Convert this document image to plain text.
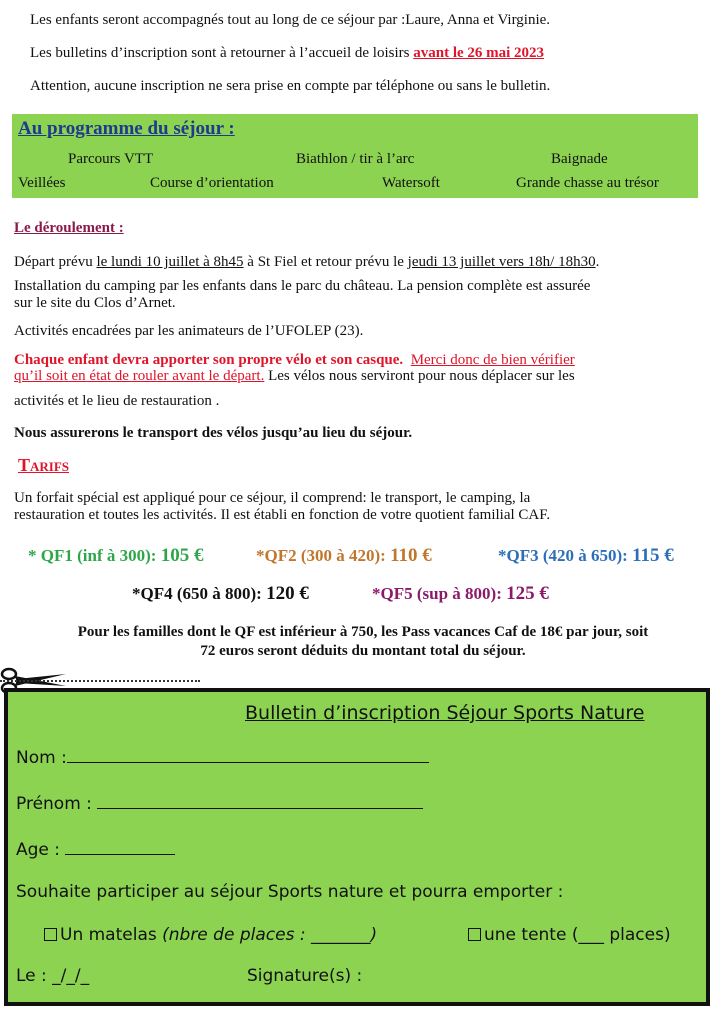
Les enfants seront accompagnés tout au long de ce séjour par :Laure, Anna et Virginie.
Les bulletins d’inscription sont à retourner à l’accueil de loisirs avant le 26 mai 2023
Attention, aucune inscription ne sera prise en compte par téléphone ou sans le bulletin.
Au programme du séjour :
Parcours VTT	Biathlon / tir à l’arc	Baignade
Veillées	Course d’orientation	Watersoft	Grande chasse au trésor
Le déroulement :
Départ prévu le lundi 10 juillet à 8h45 à St Fiel et retour prévu le jeudi 13 juillet vers 18h/ 18h30.
Installation du camping par les enfants dans le parc du château. La pension complète est assurée
sur le site du Clos d’Arnet.
Activités encadrées par les animateurs de l’UFOLEP (23).
Chaque enfant devra apporter son propre vélo et son casque. Merci donc de bien vérifier
qu’il soit en état de rouler avant le départ. Les vélos nous serviront pour nous déplacer sur les
activités et le lieu de restauration .
Nous assurerons le transport des vélos jusqu’au lieu du séjour.
Tarifs
Un forfait spécial est appliqué pour ce séjour, il comprend: le transport, le camping, la
restauration et toutes les activités. Il est établi en fonction de votre quotient familial CAF.
* QF1 (inf à 300): 105 €	*QF2 (300 à 420): 110 €	*QF3 (420 à 650): 115 €
*QF4 (650 à 800): 120 €	*QF5 (sup à 800): 125 €
Pour les familles dont le QF est inférieur à 750, les Pass vacances Caf de 18€ par jour, soit
72 euros seront déduits du montant total du séjour.
Bulletin d’inscription Séjour Sports Nature
Nom :
Prénom :
Age :
Souhaite participer au séjour Sports nature et pourra emporter :
Un matelas (nbre de places : _______)	une tente (___ places)
Le : _/_/_	Signature(s) :
